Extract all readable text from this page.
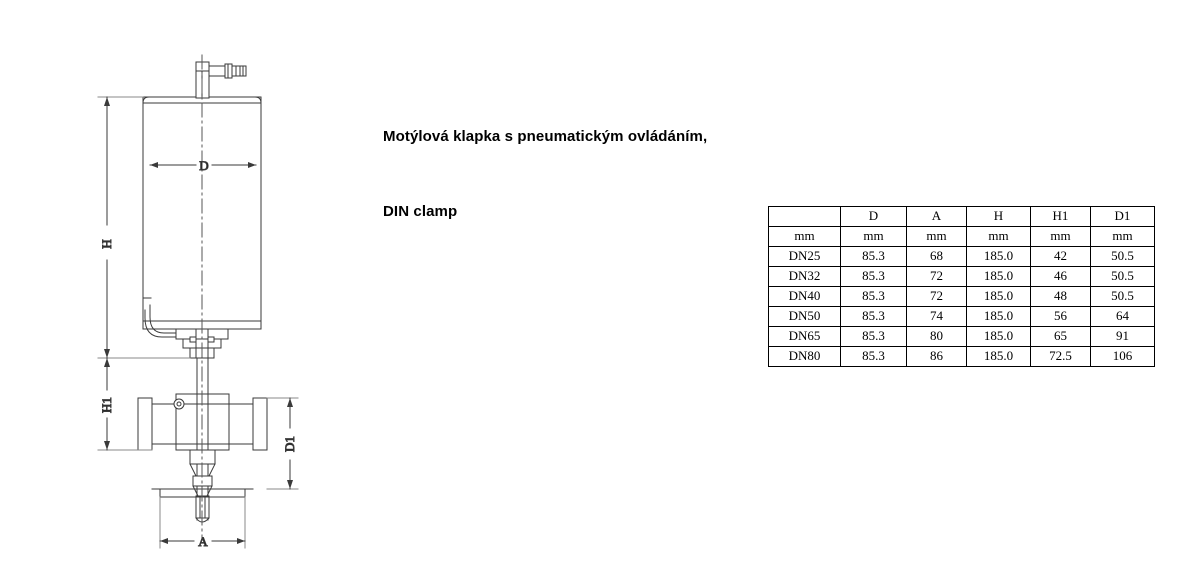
Motýlová klapka s pneumatickým ovládáním,

DIN clamp

D
H
H1
D1
A
	D	A	H	H1	D1
mm	mm	mm	mm	mm	mm
DN25	85.3	68	185.0	42	50.5
DN32	85.3	72	185.0	46	50.5
DN40	85.3	72	185.0	48	50.5
DN50	85.3	74	185.0	56	64
DN65	85.3	80	185.0	65	91
DN80	85.3	86	185.0	72.5	106
